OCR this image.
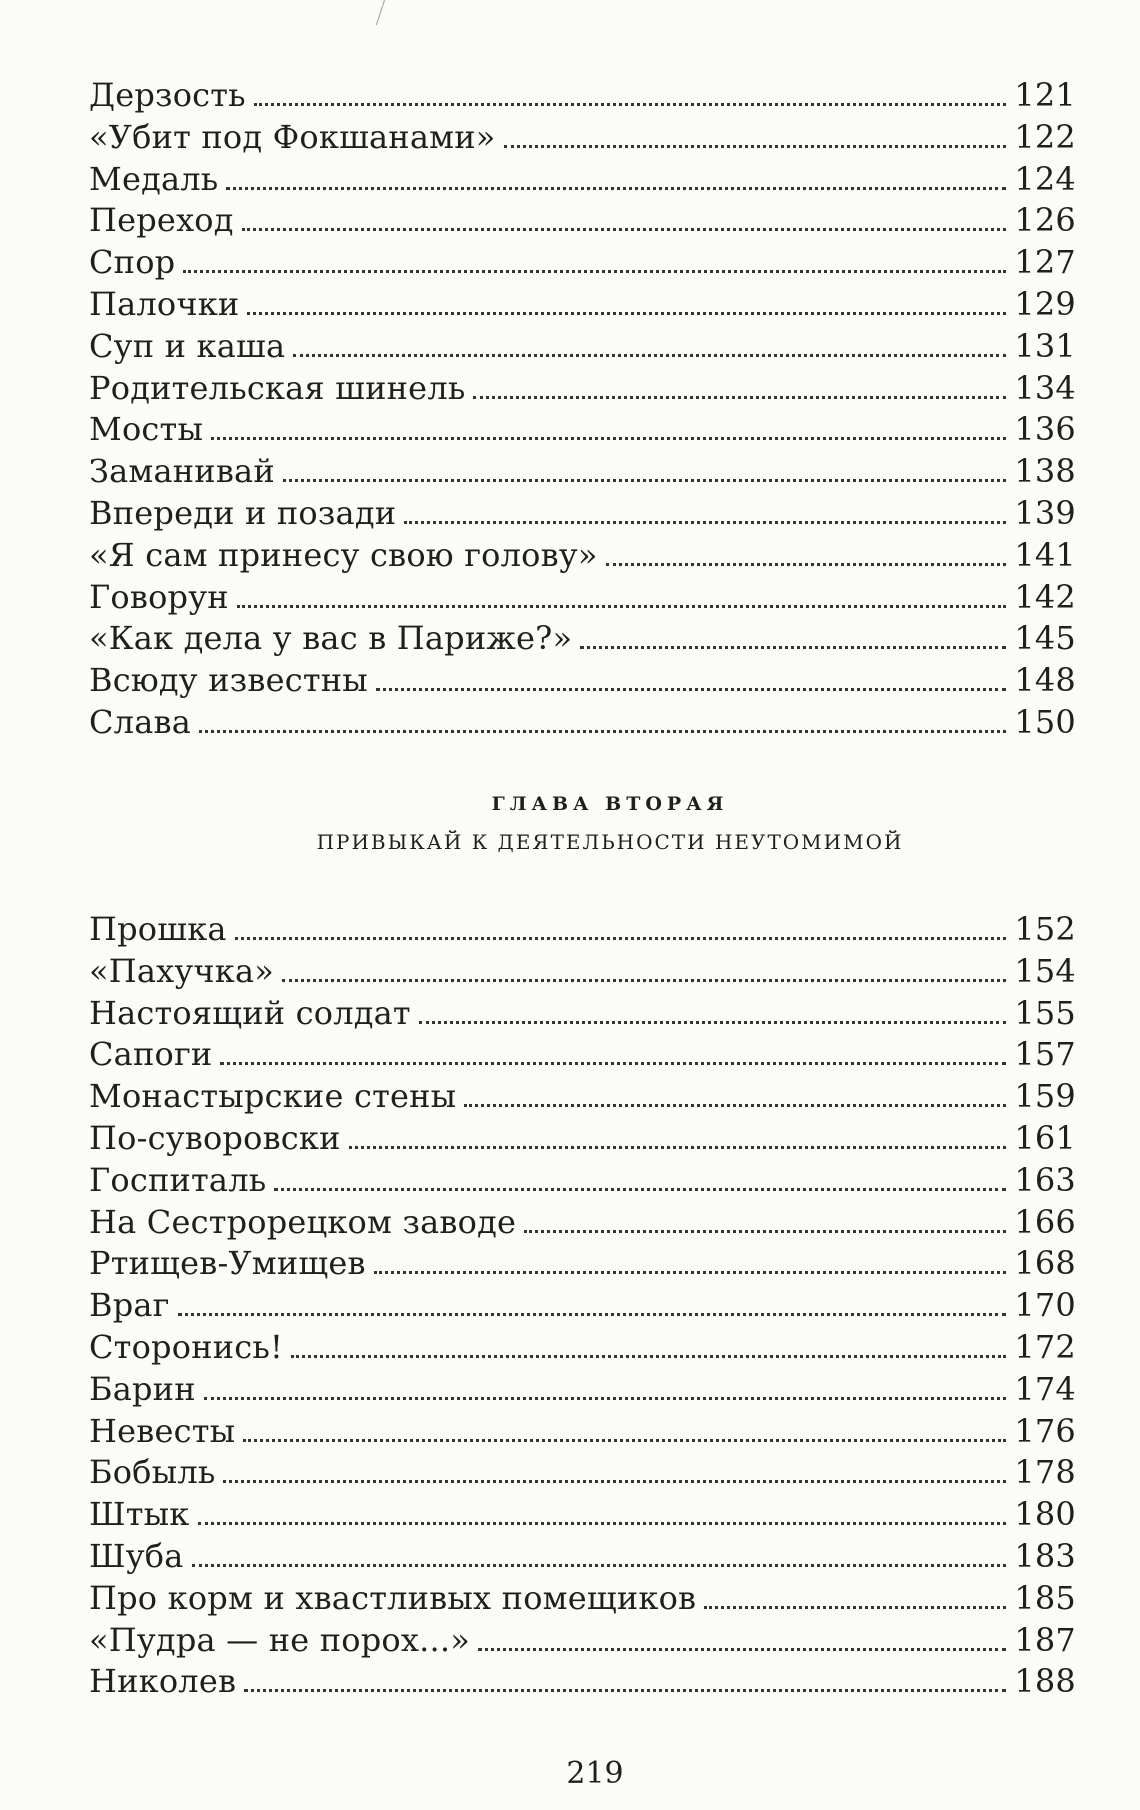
Дерзость	121
«Убит под Фокшанами»	122
Медаль	124
Переход	126
Спор	127
Палочки	129
Суп и каша	131
Родительская шинель	134
Мосты	136
Заманивай	138
Впереди и позади	139
«Я сам принесу свою голову»	141
Говорун	142
«Как дела у вас в Париже?»	145
Всюду известны	148
Слава	150
ГЛАВА ВТОРАЯ
ПРИВЫКАЙ К ДЕЯТЕЛЬНОСТИ НЕУТОМИМОЙ
Прошка	152
«Пахучка»	154
Настоящий солдат	155
Сапоги	157
Монастырские стены	159
По-суворовски	161
Госпиталь	163
На Сестрорецком заводе	166
Ртищев-Умищев	168
Враг	170
Сторонись!	172
Барин	174
Невесты	176
Бобыль	178
Штык	180
Шуба	183
Про корм и хвастливых помещиков	185
«Пудра — не порох...»	187
Николев	188
219
